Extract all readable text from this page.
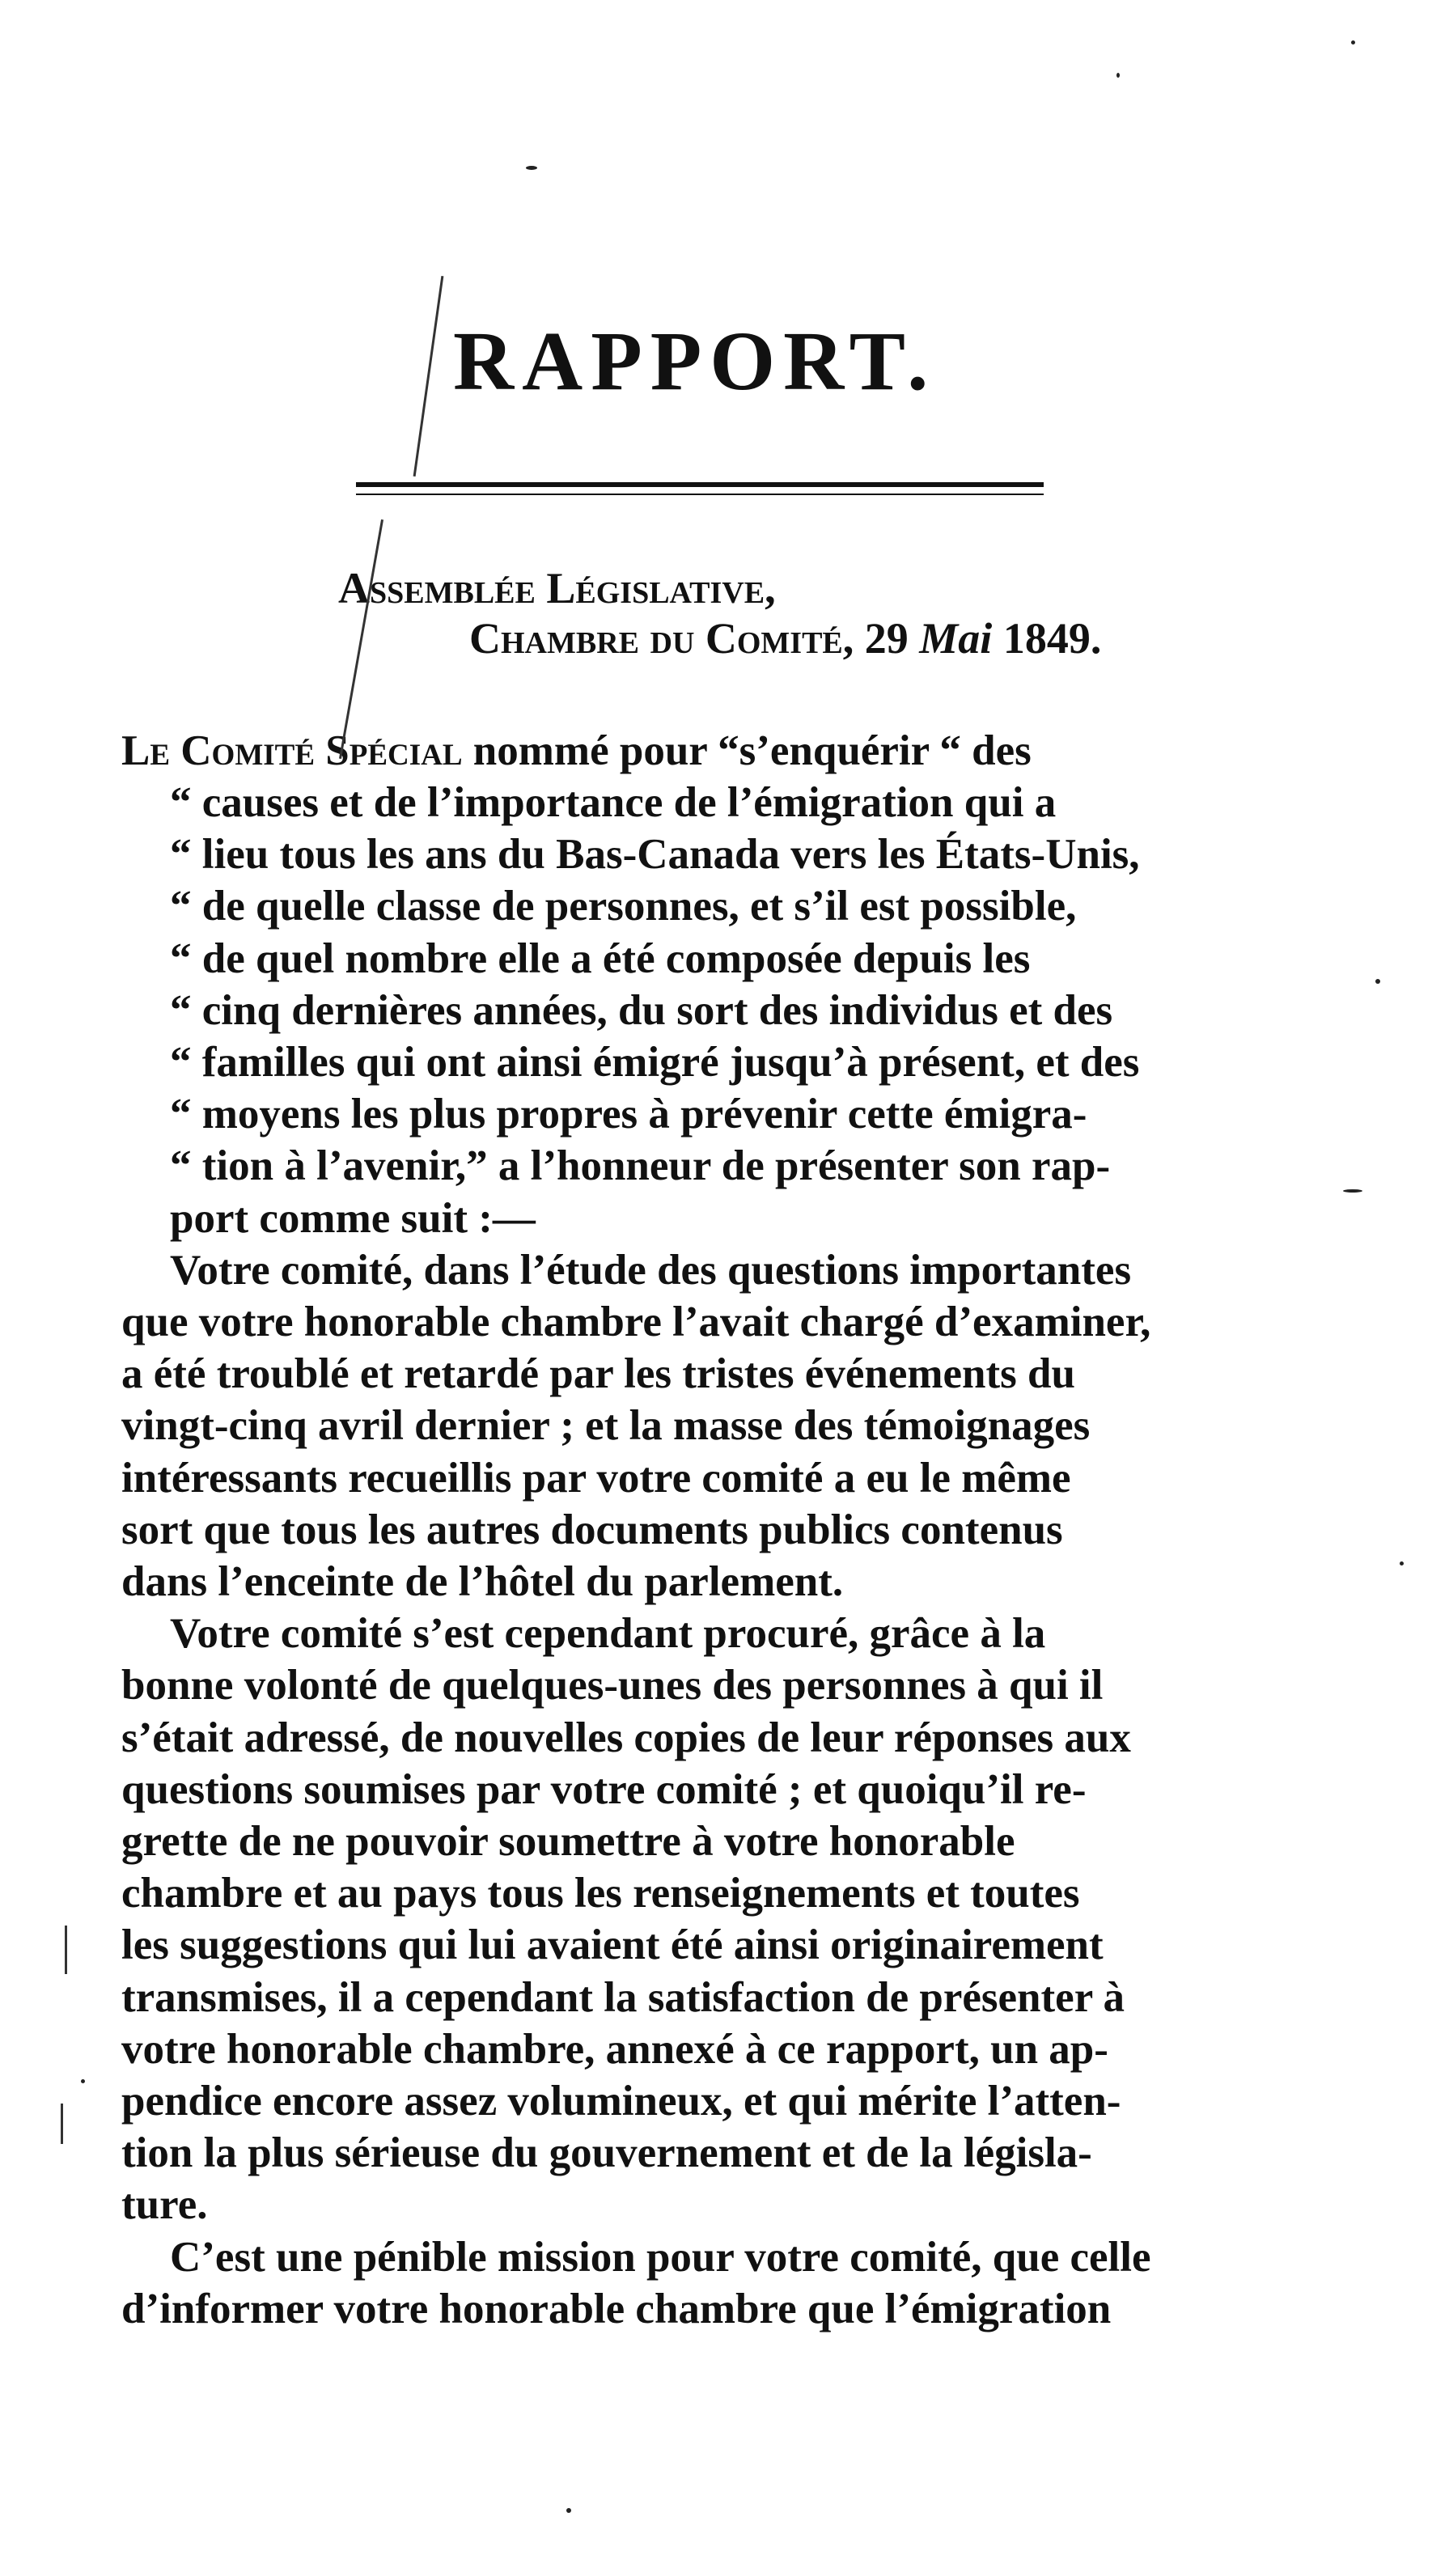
RAPPORT.
Assemblée Législative,
Chambre du Comité, 29 Mai 1849.
Le Comité Spécial nommé pour “s’enquérir “ des
“ causes et de l’importance de l’émigration qui a
“ lieu tous les ans du Bas-Canada vers les États-Unis,
“ de quelle classe de personnes, et s’il est possible,
“ de quel nombre elle a été composée depuis les
“ cinq dernières années, du sort des individus et des
“ familles qui ont ainsi émigré jusqu’à présent, et des
“ moyens les plus propres à prévenir cette émigra-
“ tion à l’avenir,” a l’honneur de présenter son rap-
port comme suit :—
Votre comité, dans l’étude des questions importantes
que votre honorable chambre l’avait chargé d’examiner,
a été troublé et retardé par les tristes événements du
vingt-cinq avril dernier ; et la masse des témoignages
intéressants recueillis par votre comité a eu le même
sort que tous les autres documents publics contenus
dans l’enceinte de l’hôtel du parlement.
Votre comité s’est cependant procuré, grâce à la
bonne volonté de quelques-unes des personnes à qui il
s’était adressé, de nouvelles copies de leur réponses aux
questions soumises par votre comité ; et quoiqu’il re-
grette de ne pouvoir soumettre à votre honorable
chambre et au pays tous les renseignements et toutes
les suggestions qui lui avaient été ainsi originairement
transmises, il a cependant la satisfaction de présenter à
votre honorable chambre, annexé à ce rapport, un ap-
pendice encore assez volumineux, et qui mérite l’atten-
tion la plus sérieuse du gouvernement et de la législa-
ture.
C’est une pénible mission pour votre comité, que celle
d’informer votre honorable chambre que l’émigration
